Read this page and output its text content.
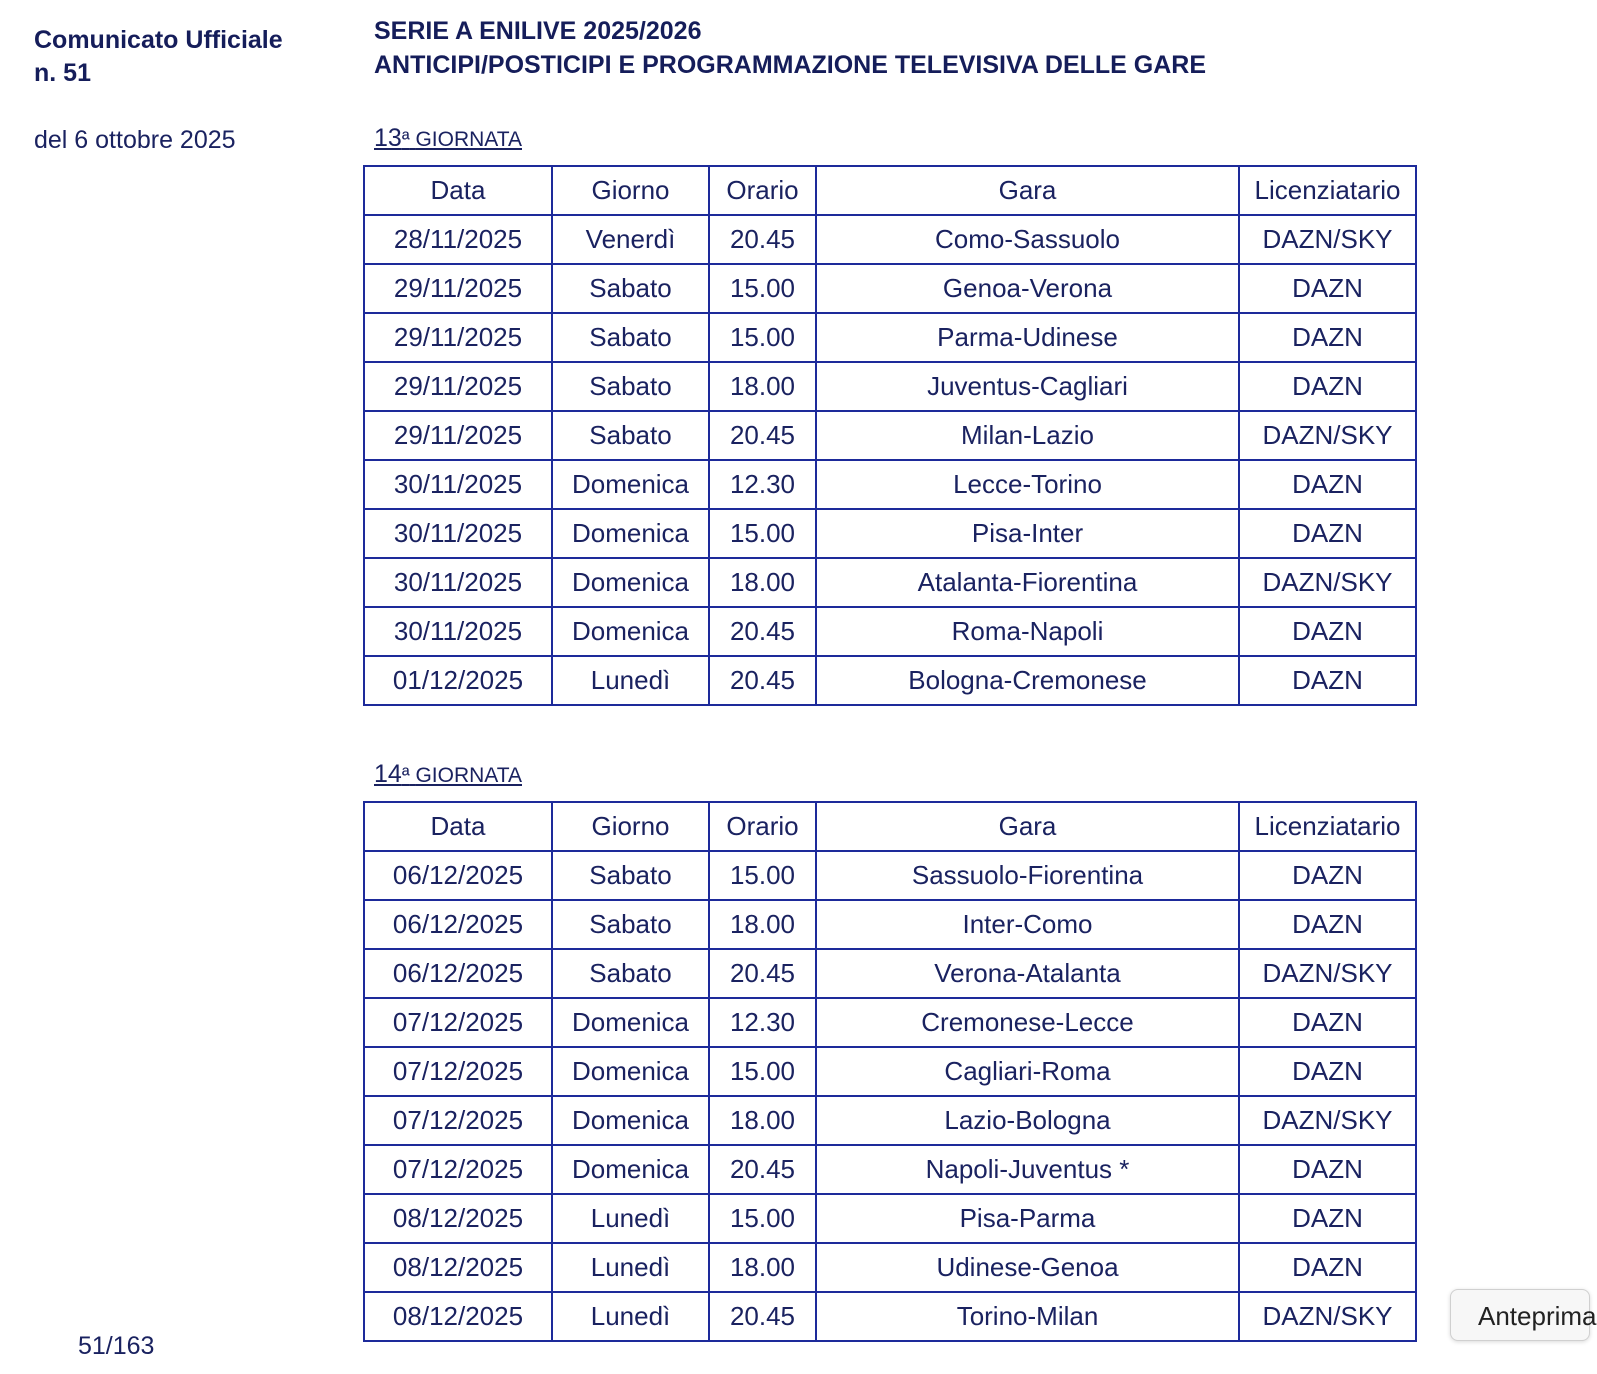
Comunicato Ufficiale
n. 51
del 6 ottobre 2025
SERIE A ENILIVE 2025/2026
ANTICIPI/POSTICIPI E PROGRAMMAZIONE TELEVISIVA DELLE GARE
13ª GIORNATA
Data	Giorno	Orario	Gara	Licenziatario
28/11/2025	Venerdì	20.45	Como-Sassuolo	DAZN/SKY
29/11/2025	Sabato	15.00	Genoa-Verona	DAZN
29/11/2025	Sabato	15.00	Parma-Udinese	DAZN
29/11/2025	Sabato	18.00	Juventus-Cagliari	DAZN
29/11/2025	Sabato	20.45	Milan-Lazio	DAZN/SKY
30/11/2025	Domenica	12.30	Lecce-Torino	DAZN
30/11/2025	Domenica	15.00	Pisa-Inter	DAZN
30/11/2025	Domenica	18.00	Atalanta-Fiorentina	DAZN/SKY
30/11/2025	Domenica	20.45	Roma-Napoli	DAZN
01/12/2025	Lunedì	20.45	Bologna-Cremonese	DAZN
14ª GIORNATA
Data	Giorno	Orario	Gara	Licenziatario
06/12/2025	Sabato	15.00	Sassuolo-Fiorentina	DAZN
06/12/2025	Sabato	18.00	Inter-Como	DAZN
06/12/2025	Sabato	20.45	Verona-Atalanta	DAZN/SKY
07/12/2025	Domenica	12.30	Cremonese-Lecce	DAZN
07/12/2025	Domenica	15.00	Cagliari-Roma	DAZN
07/12/2025	Domenica	18.00	Lazio-Bologna	DAZN/SKY
07/12/2025	Domenica	20.45	Napoli-Juventus *	DAZN
08/12/2025	Lunedì	15.00	Pisa-Parma	DAZN
08/12/2025	Lunedì	18.00	Udinese-Genoa	DAZN
08/12/2025	Lunedì	20.45	Torino-Milan	DAZN/SKY
51/163
Anteprima
